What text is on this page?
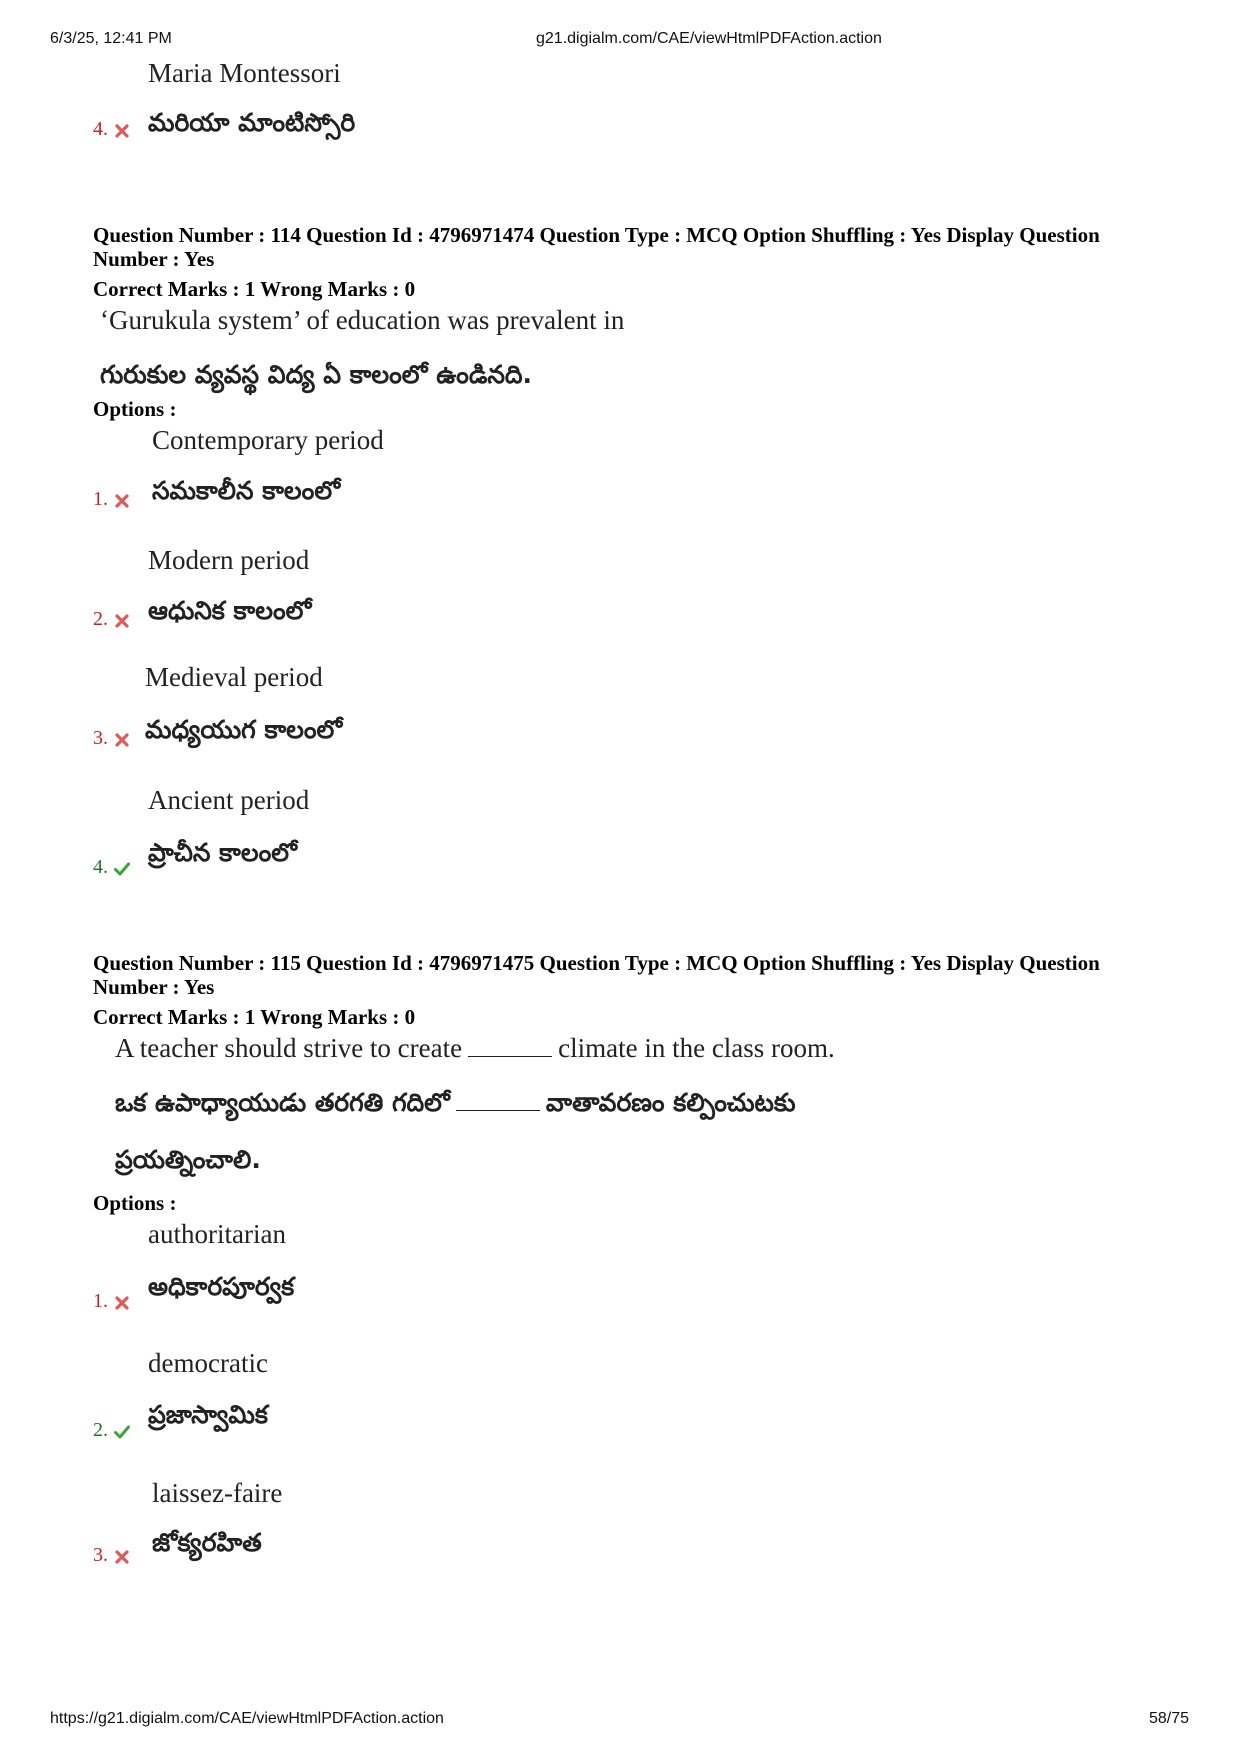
6/3/25, 12:41 PM	g21.digialm.com/CAE/viewHtmlPDFAction.action
Maria Montessori
4.	మరియా మాంటిస్సోరి
Question Number : 114 Question Id : 4796971474 Question Type : MCQ Option Shuffling : Yes Display Question
Number : Yes
Correct Marks : 1 Wrong Marks : 0
‘Gurukula system’ of education was prevalent in
గురుకుల వ్యవస్థ విద్య ఏ కాలంలో ఉండినది.
Options :
Contemporary period
1.	సమకాలీన కాలంలో
Modern period
2.	ఆధునిక కాలంలో
Medieval period
3.	మధ్యయుగ కాలంలో
Ancient period
4.	ప్రాచీన కాలంలో
Question Number : 115 Question Id : 4796971475 Question Type : MCQ Option Shuffling : Yes Display Question
Number : Yes
Correct Marks : 1 Wrong Marks : 0
A teacher should strive to create	climate in the class room.
ఒక ఉపాధ్యాయుడు తరగతి గదిలో	వాతావరణం కల్పించుటకు
ప్రయత్నించాలి.
Options :
authoritarian
1.	అధికారపూర్వక
democratic
2.
ప్రజాస్వామిక
laissez-faire
3.	జోక్యరహిత
https://g21.digialm.com/CAE/viewHtmlPDFAction.action	58/75
